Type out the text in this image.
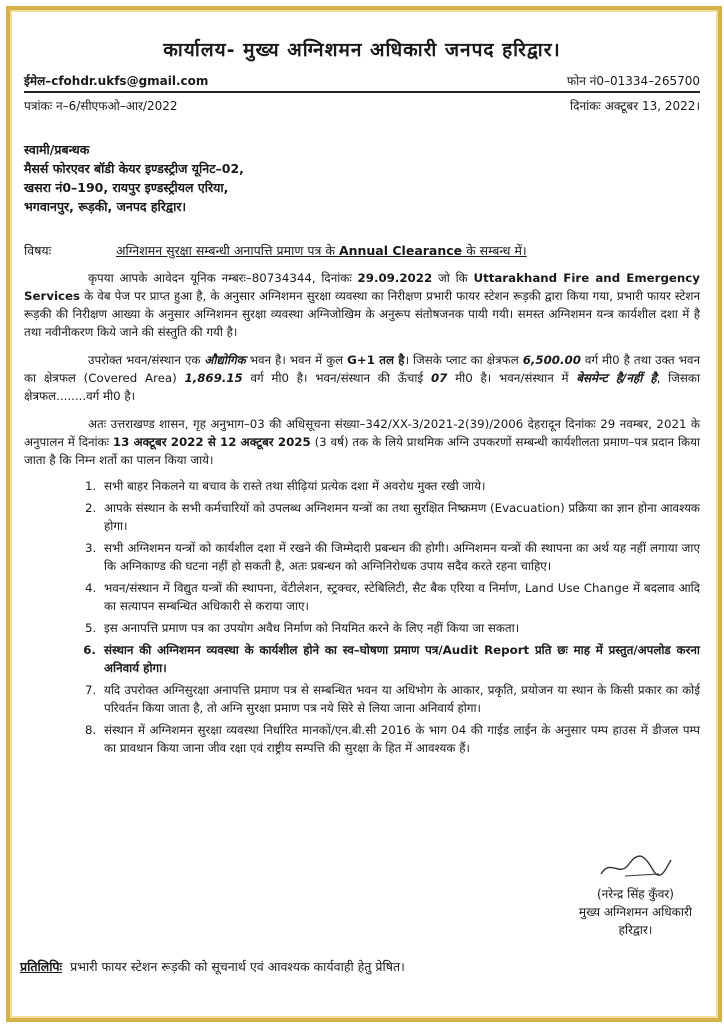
कार्यालय- मुख्य अग्निशमन अधिकारी जनपद हरिद्वार।
ईमेल–cfohdr.ukfs@gmail.com	फोन नं0–01334–265700
पत्रांकः न–6/सीएफओ–आर/2022	दिनांकः अक्टूबर 13, 2022।
स्वामी/प्रबन्धक
मैसर्स फोरएवर बॉडी केयर इण्डस्ट्रीज यूनिट–02,
खसरा नं0–190, रायपुर इण्डस्ट्रीयल एरिया,
भगवानपुर, रूड़की, जनपद हरिद्वार।
विषयः	अग्निशमन सुरक्षा सम्बन्धी अनापत्ति प्रमाण पत्र के Annual Clearance के सम्बन्ध में।

कृपया आपके आवेदन यूनिक नम्बरः–80734344, दिनांकः 29.09.2022 जो कि Uttarakhand Fire and Emergency Services के वेब पेज पर प्राप्त हुआ है, के अनुसार अग्निशमन सुरक्षा व्यवस्था का निरीक्षण प्रभारी फायर स्टेशन रूड़की द्वारा किया गया, प्रभारी फायर स्टेशन रूड़की की निरीक्षण आख्या के अनुसार अग्निशमन सुरक्षा व्यवस्था अग्निजोखिम के अनुरूप संतोषजनक पायी गयी। समस्त अग्निशमन यन्त्र कार्यशील दशा में है तथा नवीनीकरण किये जाने की संस्तुति की गयी है।

उपरोक्त भवन/संस्थान एक औद्योगिक भवन है। भवन में कुल G+1 तल है। जिसके प्लाट का क्षेत्रफल 6,500.00 वर्ग मी0 है तथा उक्त भवन का क्षेत्रफल (Covered Area) 1,869.15 वर्ग मी0 है। भवन/संस्थान की ऊँचाई 07 मी0 है। भवन/संस्थान में बेसमेन्ट है/नहीं है, जिसका क्षेत्रफल........वर्ग मी0 है।

अतः उत्तराखण्ड शासन, गृह अनुभाग–03 की अधिसूचना संख्या–342/XX-3/2021-2(39)/2006 देहरादून दिनांकः 29 नवम्बर, 2021 के अनुपालन में दिनांकः 13 अक्टूबर 2022 से 12 अक्टूबर 2025 (3 वर्ष) तक के लिये प्राथमिक अग्नि उपकरणों सम्बन्धी कार्यशीलता प्रमाण–पत्र प्रदान किया जाता है कि निम्न शर्तो का पालन किया जाये।

1. सभी बाहर निकलने या बचाव के रास्ते तथा सीढ़ियां प्रत्येक दशा में अवरोध मुक्त रखी जाये।
2. आपके संस्थान के सभी कर्मचारियों को उपलब्ध अग्निशमन यन्त्रों का तथा सुरक्षित निष्क्रमण (Evacuation) प्रक्रिया का ज्ञान होना आवश्यक होगा।
3. सभी अग्निशमन यन्त्रों को कार्यशील दशा में रखने की जिम्मेदारी प्रबन्धन की होगी। अग्निशमन यन्त्रों की स्थापना का अर्थ यह नहीं लगाया जाए कि अग्निकाण्ड की घटना नहीं हो सकती है, अतः प्रबन्धन को अग्निनिरोधक उपाय सदैव करते रहना चाहिए।
4. भवन/संस्थान में विद्युत यन्त्रों की स्थापना, वेंटीलेशन, स्ट्रक्चर, स्टेबिलिटी, सैट बैक एरिया व निर्माण, Land Use Change में बदलाव आदि का सत्यापन सम्बन्धित अधिकारी से कराया जाए।
5. इस अनापत्ति प्रमाण पत्र का उपयोग अवैध निर्माण को नियमित करने के लिए नहीं किया जा सकता।
6. संस्थान की अग्निशमन व्यवस्था के कार्यशील होने का स्व–घोषणा प्रमाण पत्र/Audit Report प्रति छः माह में प्रस्तुत/अपलोड करना अनिवार्य होगा।
7. यदि उपरोक्त अग्निसुरक्षा अनापत्ति प्रमाण पत्र से सम्बन्धित भवन या अधिभोग के आकार, प्रकृति, प्रयोजन या स्थान के किसी प्रकार का कोई परिवर्तन किया जाता है, तो अग्नि सुरक्षा प्रमाण पत्र नये सिरे से लिया जाना अनिवार्य होगा।
8. संस्थान में अग्निशमन सुरक्षा व्यवस्था निर्धारित मानकों/एन.बी.सी 2016 के भाग 04 की गाईड लाईन के अनुसार पम्प हाउस में डीजल पम्प का प्रावधान किया जाना जीव रक्षा एवं राष्ट्रीय सम्पत्ति की सुरक्षा के हित में आवश्यक हैं।
(नरेन्द्र सिंह कुँवर)
मुख्य अग्निशमन अधिकारी
हरिद्वार।
प्रतिलिपिः प्रभारी फायर स्टेशन रूड़की को सूचनार्थ एवं आवश्यक कार्यवाही हेतु प्रेषित।
